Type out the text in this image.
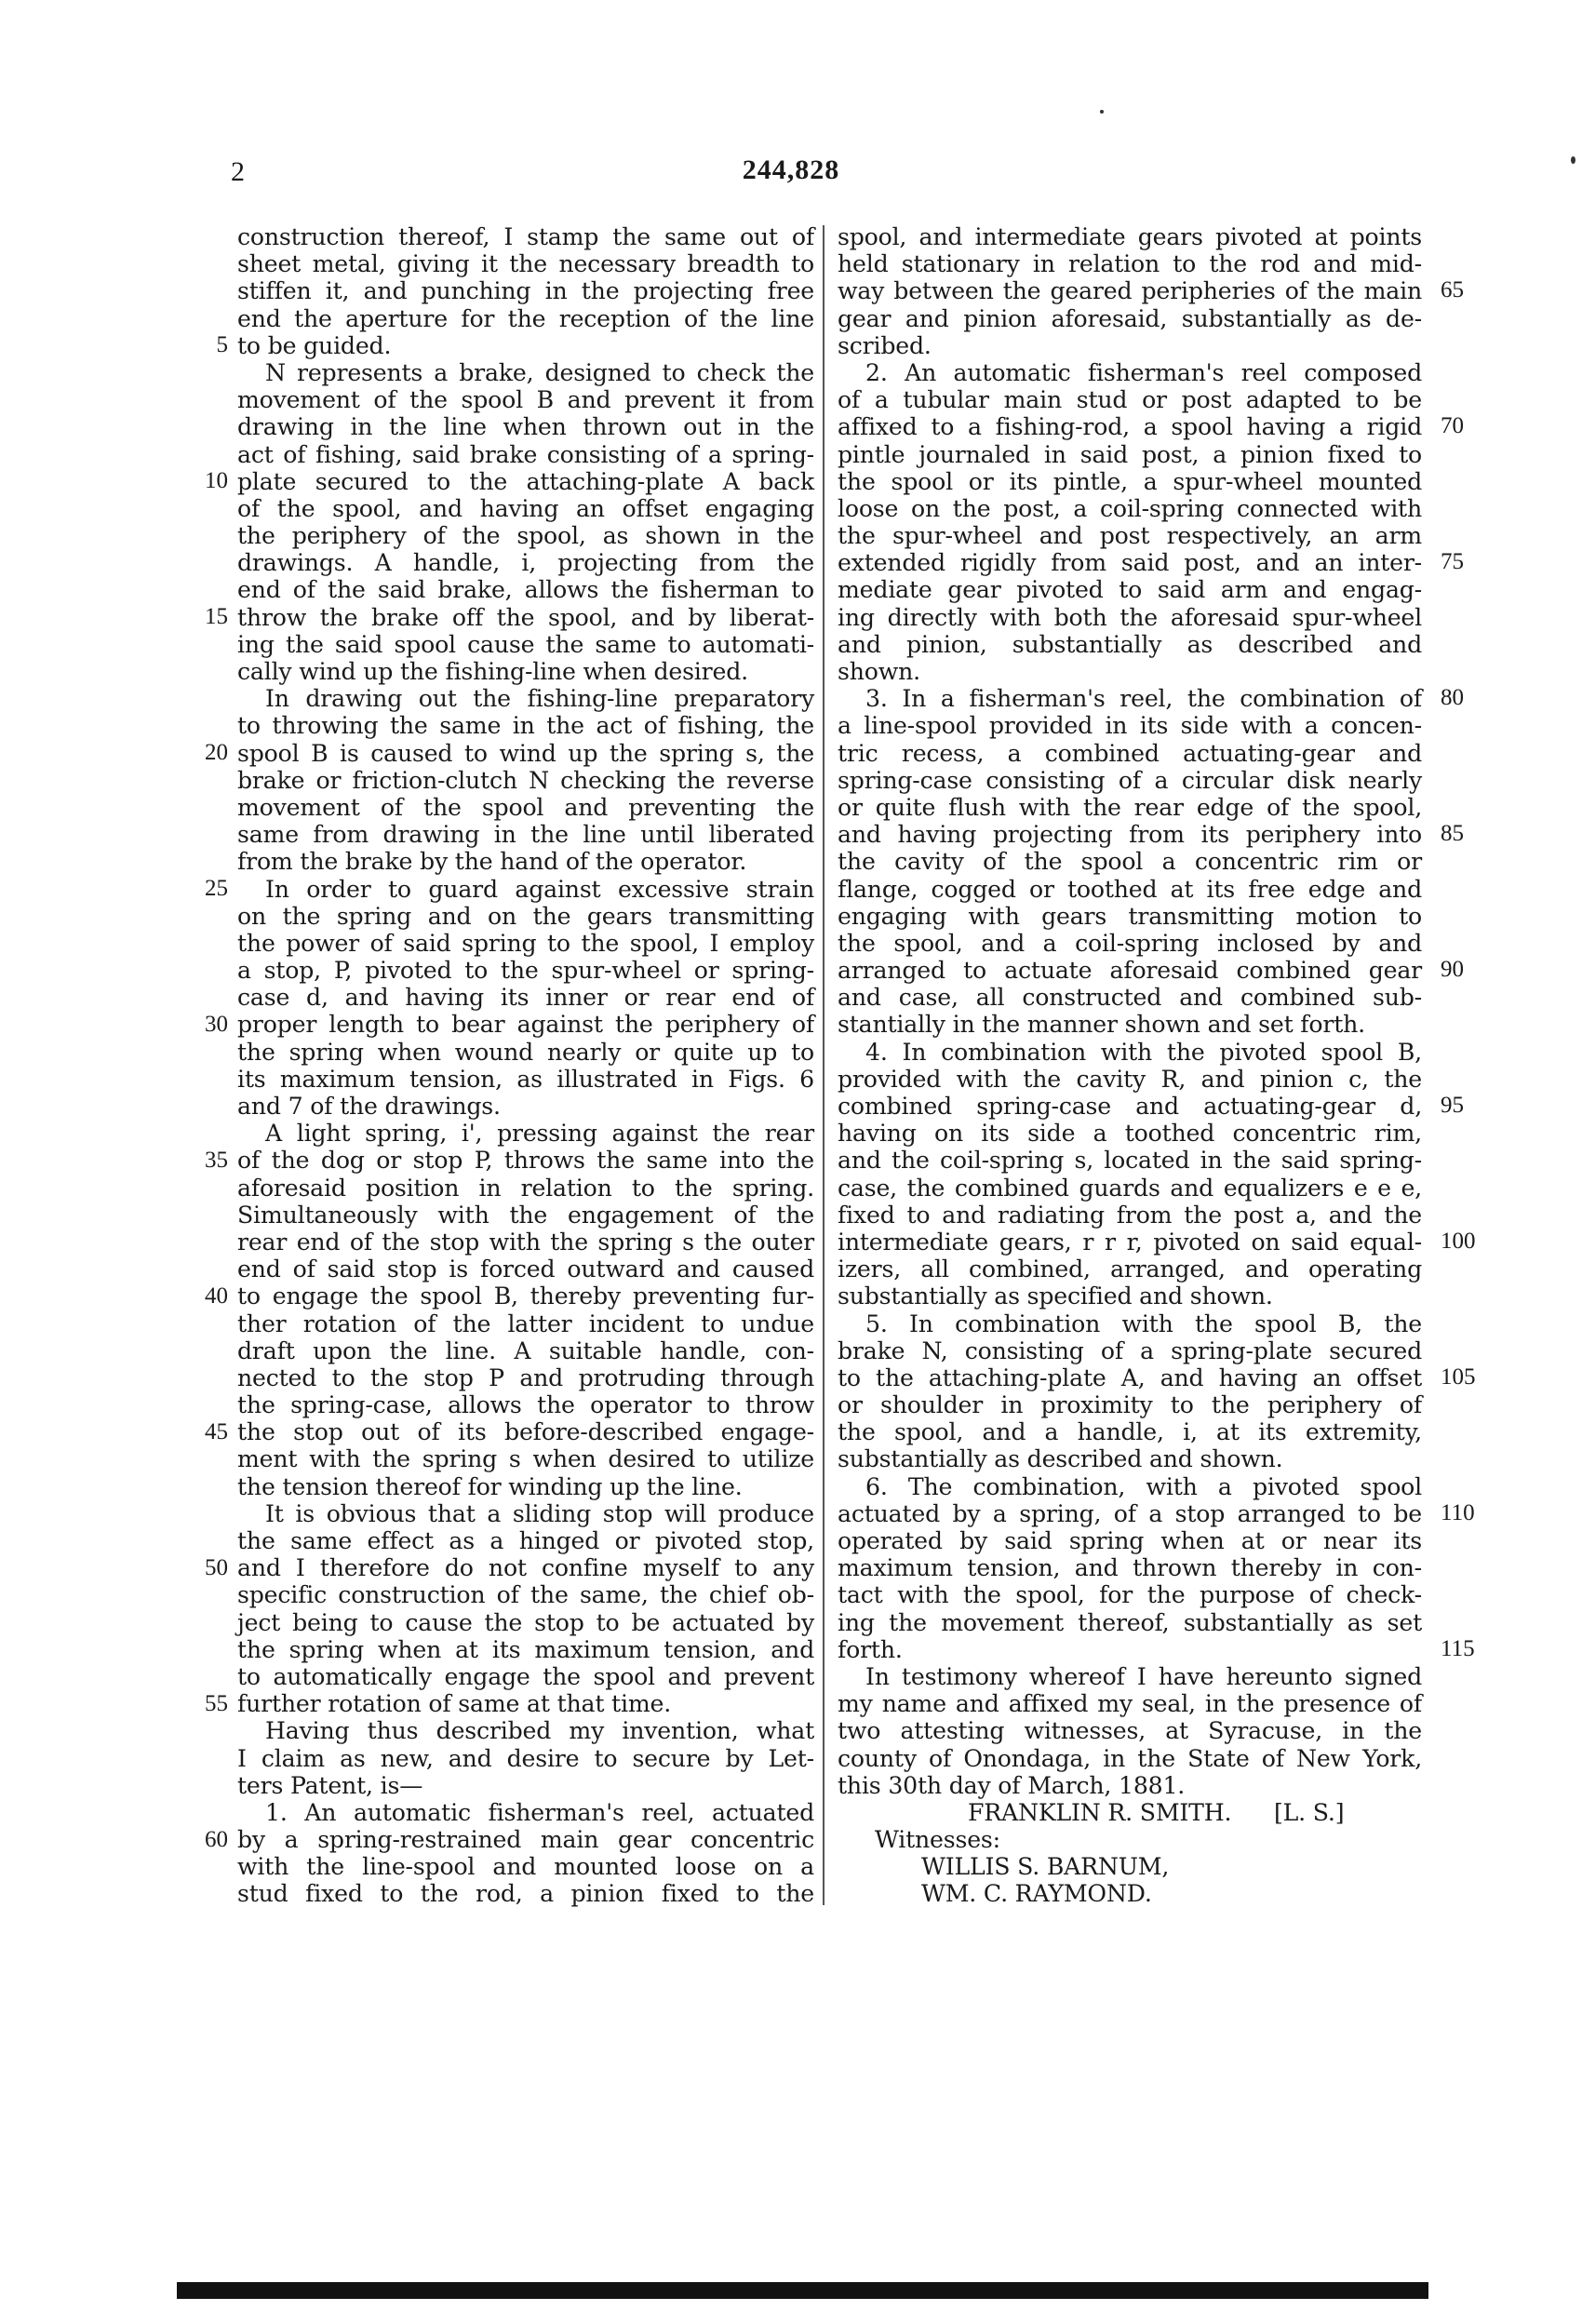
2	244,828
construction thereof, I stamp the same out of
sheet metal, giving it the necessary breadth to
stiffen it, and punching in the projecting free
end the aperture for the reception of the line
to be guided.
N represents a brake, designed to check the
movement of the spool B and prevent it from
drawing in the line when thrown out in the
act of fishing, said brake consisting of a spring-
plate secured to the attaching-plate A back
of the spool, and having an offset engaging
the periphery of the spool, as shown in the
drawings. A handle, i, projecting from the
end of the said brake, allows the fisherman to
throw the brake off the spool, and by liberat-
ing the said spool cause the same to automati-
cally wind up the fishing-line when desired.
In drawing out the fishing-line preparatory
to throwing the same in the act of fishing, the
spool B is caused to wind up the spring s, the
brake or friction-clutch N checking the reverse
movement of the spool and preventing the
same from drawing in the line until liberated
from the brake by the hand of the operator.
In order to guard against excessive strain
on the spring and on the gears transmitting
the power of said spring to the spool, I employ
a stop, P, pivoted to the spur-wheel or spring-
case d, and having its inner or rear end of
proper length to bear against the periphery of
the spring when wound nearly or quite up to
its maximum tension, as illustrated in Figs. 6
and 7 of the drawings.
A light spring, i', pressing against the rear
of the dog or stop P, throws the same into the
aforesaid position in relation to the spring.
Simultaneously with the engagement of the
rear end of the stop with the spring s the outer
end of said stop is forced outward and caused
to engage the spool B, thereby preventing fur-
ther rotation of the latter incident to undue
draft upon the line. A suitable handle, con-
nected to the stop P and protruding through
the spring-case, allows the operator to throw
the stop out of its before-described engage-
ment with the spring s when desired to utilize
the tension thereof for winding up the line.
It is obvious that a sliding stop will produce
the same effect as a hinged or pivoted stop,
and I therefore do not confine myself to any
specific construction of the same, the chief ob-
ject being to cause the stop to be actuated by
the spring when at its maximum tension, and
to automatically engage the spool and prevent
further rotation of same at that time.
Having thus described my invention, what
I claim as new, and desire to secure by Let-
ters Patent, is—
1. An automatic fisherman's reel, actuated
by a spring-restrained main gear concentric
with the line-spool and mounted loose on a
stud fixed to the rod, a pinion fixed to the
spool, and intermediate gears pivoted at points
held stationary in relation to the rod and mid-
way between the geared peripheries of the main
gear and pinion aforesaid, substantially as de-
scribed.
2. An automatic fisherman's reel composed
of a tubular main stud or post adapted to be
affixed to a fishing-rod, a spool having a rigid
pintle journaled in said post, a pinion fixed to
the spool or its pintle, a spur-wheel mounted
loose on the post, a coil-spring connected with
the spur-wheel and post respectively, an arm
extended rigidly from said post, and an inter-
mediate gear pivoted to said arm and engag-
ing directly with both the aforesaid spur-wheel
and pinion, substantially as described and
shown.
3. In a fisherman's reel, the combination of
a line-spool provided in its side with a concen-
tric recess, a combined actuating-gear and
spring-case consisting of a circular disk nearly
or quite flush with the rear edge of the spool,
and having projecting from its periphery into
the cavity of the spool a concentric rim or
flange, cogged or toothed at its free edge and
engaging with gears transmitting motion to
the spool, and a coil-spring inclosed by and
arranged to actuate aforesaid combined gear
and case, all constructed and combined sub-
stantially in the manner shown and set forth.
4. In combination with the pivoted spool B,
provided with the cavity R, and pinion c, the
combined spring-case and actuating-gear d,
having on its side a toothed concentric rim,
and the coil-spring s, located in the said spring-
case, the combined guards and equalizers e e e,
fixed to and radiating from the post a, and the
intermediate gears, r r r, pivoted on said equal-
izers, all combined, arranged, and operating
substantially as specified and shown.
5. In combination with the spool B, the
brake N, consisting of a spring-plate secured
to the attaching-plate A, and having an offset
or shoulder in proximity to the periphery of
the spool, and a handle, i, at its extremity,
substantially as described and shown.
6. The combination, with a pivoted spool
actuated by a spring, of a stop arranged to be
operated by said spring when at or near its
maximum tension, and thrown thereby in con-
tact with the spool, for the purpose of check-
ing the movement thereof, substantially as set
forth.
In testimony whereof I have hereunto signed
my name and affixed my seal, in the presence of
two attesting witnesses, at Syracuse, in the
county of Onondaga, in the State of New York,
this 30th day of March, 1881.
FRANKLIN R. SMITH. [L. S.]
Witnesses:
WILLIS S. BARNUM,
WM. C. RAYMOND.
5
10
15
20
25
30
35
40
45
50
55
60
65
70
75
80
85
90
95
100
105
110
115
